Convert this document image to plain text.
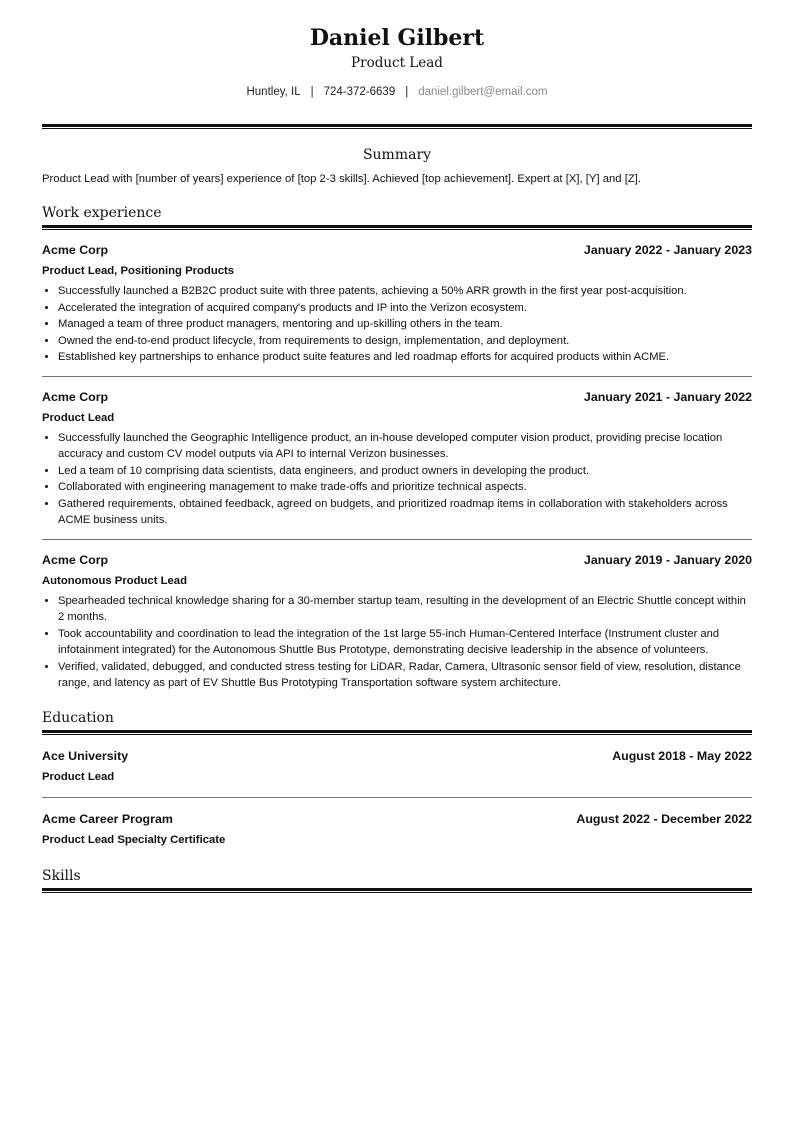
Daniel Gilbert
Product Lead
Huntley, IL | 724-372-6639 | daniel.gilbert@email.com
Summary
Product Lead with [number of years] experience of [top 2-3 skills]. Achieved [top achievement]. Expert at [X], [Y] and [Z].
Work experience
Acme Corp	January 2022 - January 2023
Product Lead, Positioning Products
• Successfully launched a B2B2C product suite with three patents, achieving a 50% ARR growth in the first year post-acquisition.
• Accelerated the integration of acquired company's products and IP into the Verizon ecosystem.
• Managed a team of three product managers, mentoring and up-skilling others in the team.
• Owned the end-to-end product lifecycle, from requirements to design, implementation, and deployment.
• Established key partnerships to enhance product suite features and led roadmap efforts for acquired products within ACME.
Acme Corp	January 2021 - January 2022
Product Lead
• Successfully launched the Geographic Intelligence product, an in-house developed computer vision product, providing precise location accuracy and custom CV model outputs via API to internal Verizon businesses.
• Led a team of 10 comprising data scientists, data engineers, and product owners in developing the product.
• Collaborated with engineering management to make trade-offs and prioritize technical aspects.
• Gathered requirements, obtained feedback, agreed on budgets, and prioritized roadmap items in collaboration with stakeholders across ACME business units.
Acme Corp	January 2019 - January 2020
Autonomous Product Lead
• Spearheaded technical knowledge sharing for a 30-member startup team, resulting in the development of an Electric Shuttle concept within 2 months.
• Took accountability and coordination to lead the integration of the 1st large 55-inch Human-Centered Interface (Instrument cluster and infotainment integrated) for the Autonomous Shuttle Bus Prototype, demonstrating decisive leadership in the absence of volunteers.
• Verified, validated, debugged, and conducted stress testing for LiDAR, Radar, Camera, Ultrasonic sensor field of view, resolution, distance range, and latency as part of EV Shuttle Bus Prototyping Transportation software system architecture.
Education
Ace University	August 2018 - May 2022
Product Lead
Acme Career Program	August 2022 - December 2022
Product Lead Specialty Certificate
Skills
